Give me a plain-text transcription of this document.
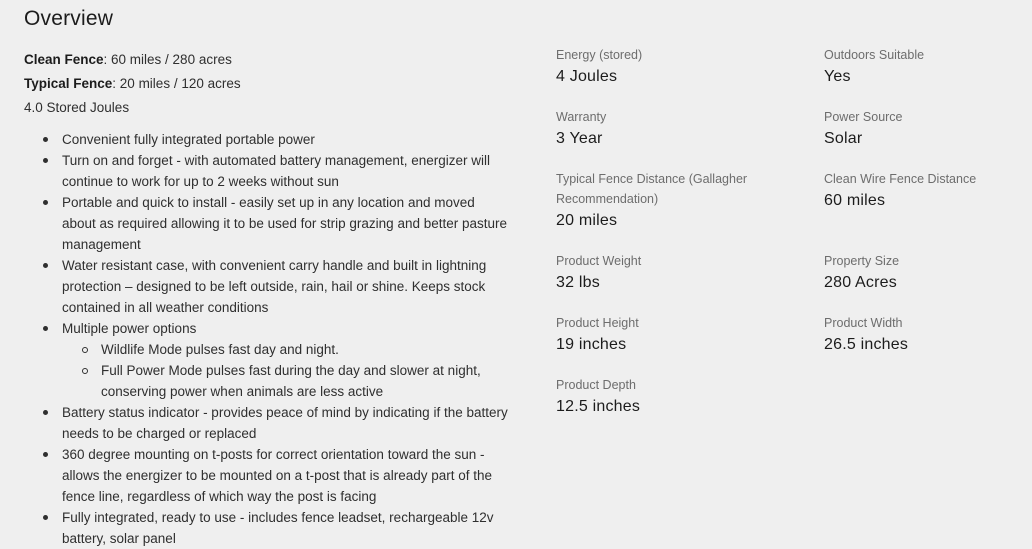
Overview

Clean Fence: 60 miles / 280 acres

Typical Fence: 20 miles / 120 acres

4.0 Stored Joules

Convenient fully integrated portable power
Turn on and forget - with automated battery management, energizer will continue to work for up to 2 weeks without sun
Portable and quick to install - easily set up in any location and moved about as required allowing it to be used for strip grazing and better pasture management
Water resistant case, with convenient carry handle and built in lightning protection – designed to be left outside, rain, hail or shine. Keeps stock contained in all weather conditions
Multiple power options
Wildlife Mode pulses fast day and night.
Full Power Mode pulses fast during the day and slower at night, conserving power when animals are less active
Battery status indicator - provides peace of mind by indicating if the battery needs to be charged or replaced
360 degree mounting on t-posts for correct orientation toward the sun - allows the energizer to be mounted on a t-post that is already part of the fence line, regardless of which way the post is facing
Fully integrated, ready to use - includes fence leadset, rechargeable 12v battery, solar panel
Energy (stored)
4 Joules
Outdoors Suitable
Yes
Warranty
3 Year
Power Source
Solar
Typical Fence Distance (Gallagher Recommendation)
20 miles
Clean Wire Fence Distance
60 miles
Product Weight
32 lbs
Property Size
280 Acres
Product Height
19 inches
Product Width
26.5 inches
Product Depth
12.5 inches
